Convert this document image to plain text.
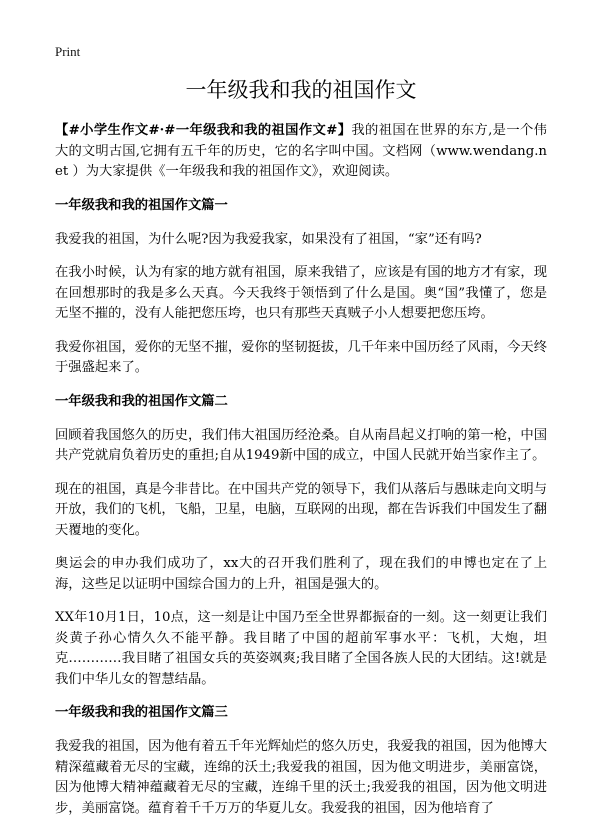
Print
一年级我和我的祖国作文

【#小学生作文#·#一年级我和我的祖国作文#】我的祖国在世界的东方,是一个伟大的文明古国,它拥有五千年的历史，它的名字叫中国。文档网（www.wendang.net ）为大家提供《一年级我和我的祖国作文》，欢迎阅读。

一年级我和我的祖国作文篇一

我爱我的祖国，为什么呢?因为我爱我家，如果没有了祖国，“家”还有吗?

在我小时候，认为有家的地方就有祖国，原来我错了，应该是有国的地方才有家，现在回想那时的我是多么天真。今天我终于领悟到了什么是国。奥“国”我懂了，您是无坚不摧的，没有人能把您压垮，也只有那些天真贼子小人想要把您压垮。

我爱你祖国，爱你的无坚不摧，爱你的坚韧挺拔，几千年来中国历经了风雨，今天终于强盛起来了。

一年级我和我的祖国作文篇二

回顾着我国悠久的历史，我们伟大祖国历经沧桑。自从南昌起义打响的第一枪，中国共产党就肩负着历史的重担;自从1949新中国的成立，中国人民就开始当家作主了。

现在的祖国，真是今非昔比。在中国共产党的领导下，我们从落后与愚昧走向文明与开放，我们的飞机，飞船，卫星，电脑，互联网的出现，都在告诉我们中国发生了翻天覆地的变化。

奥运会的申办我们成功了，xx大的召开我们胜利了，现在我们的申博也定在了上海，这些足以证明中国综合国力的上升，祖国是强大的。

XX年10月1日，10点，这一刻是让中国乃至全世界都振奋的一刻。这一刻更让我们炎黄子孙心情久久不能平静。我目睹了中国的超前军事水平：飞机，大炮，坦克…………我目睹了祖国女兵的英姿飒爽;我目睹了全国各族人民的大团结。这!就是我们中华儿女的智慧结晶。

一年级我和我的祖国作文篇三

我爱我的祖国，因为他有着五千年光辉灿烂的悠久历史，我爱我的祖国，因为他博大精深蕴藏着无尽的宝藏，连绵的沃土;我爱我的祖国，因为他文明进步，美丽富饶，因为他博大精神蕴藏着无尽的宝藏，连绵千里的沃土;我爱我的祖国，因为他文明进步，美丽富饶。蕴育着千千万万的华夏儿女。我爱我的祖国，因为他培育了
